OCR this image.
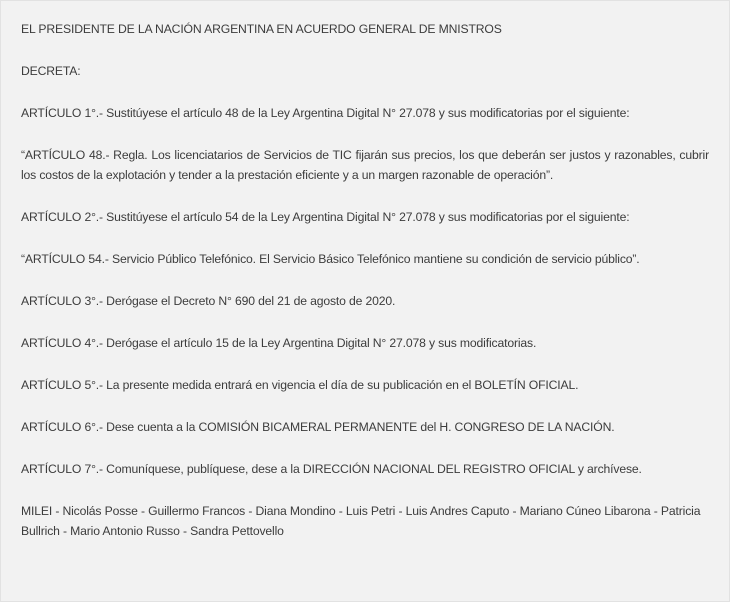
EL PRESIDENTE DE LA NACIÓN ARGENTINA EN ACUERDO GENERAL DE MNISTROS

DECRETA:

ARTÍCULO 1°.- Sustitúyese el artículo 48 de la Ley Argentina Digital N° 27.078 y sus modificatorias por el siguiente:

“ARTÍCULO 48.- Regla. Los licenciatarios de Servicios de TIC fijarán sus precios, los que deberán ser justos y razonables, cubrir los costos de la explotación y tender a la prestación eficiente y a un margen razonable de operación”.

ARTÍCULO 2°.- Sustitúyese el artículo 54 de la Ley Argentina Digital N° 27.078 y sus modificatorias por el siguiente:

“ARTÍCULO 54.- Servicio Público Telefónico. El Servicio Básico Telefónico mantiene su condición de servicio público”.

ARTÍCULO 3°.- Derógase el Decreto N° 690 del 21 de agosto de 2020.

ARTÍCULO 4°.- Derógase el artículo 15 de la Ley Argentina Digital N° 27.078 y sus modificatorias.

ARTÍCULO 5°.- La presente medida entrará en vigencia el día de su publicación en el BOLETÍN OFICIAL.

ARTÍCULO 6°.- Dese cuenta a la COMISIÓN BICAMERAL PERMANENTE del H. CONGRESO DE LA NACIÓN.

ARTÍCULO 7°.- Comuníquese, publíquese, dese a la DIRECCIÓN NACIONAL DEL REGISTRO OFICIAL y archívese.

MILEI - Nicolás Posse - Guillermo Francos - Diana Mondino - Luis Petri - Luis Andres Caputo - Mariano Cúneo Libarona - Patricia Bullrich - Mario Antonio Russo - Sandra Pettovello
